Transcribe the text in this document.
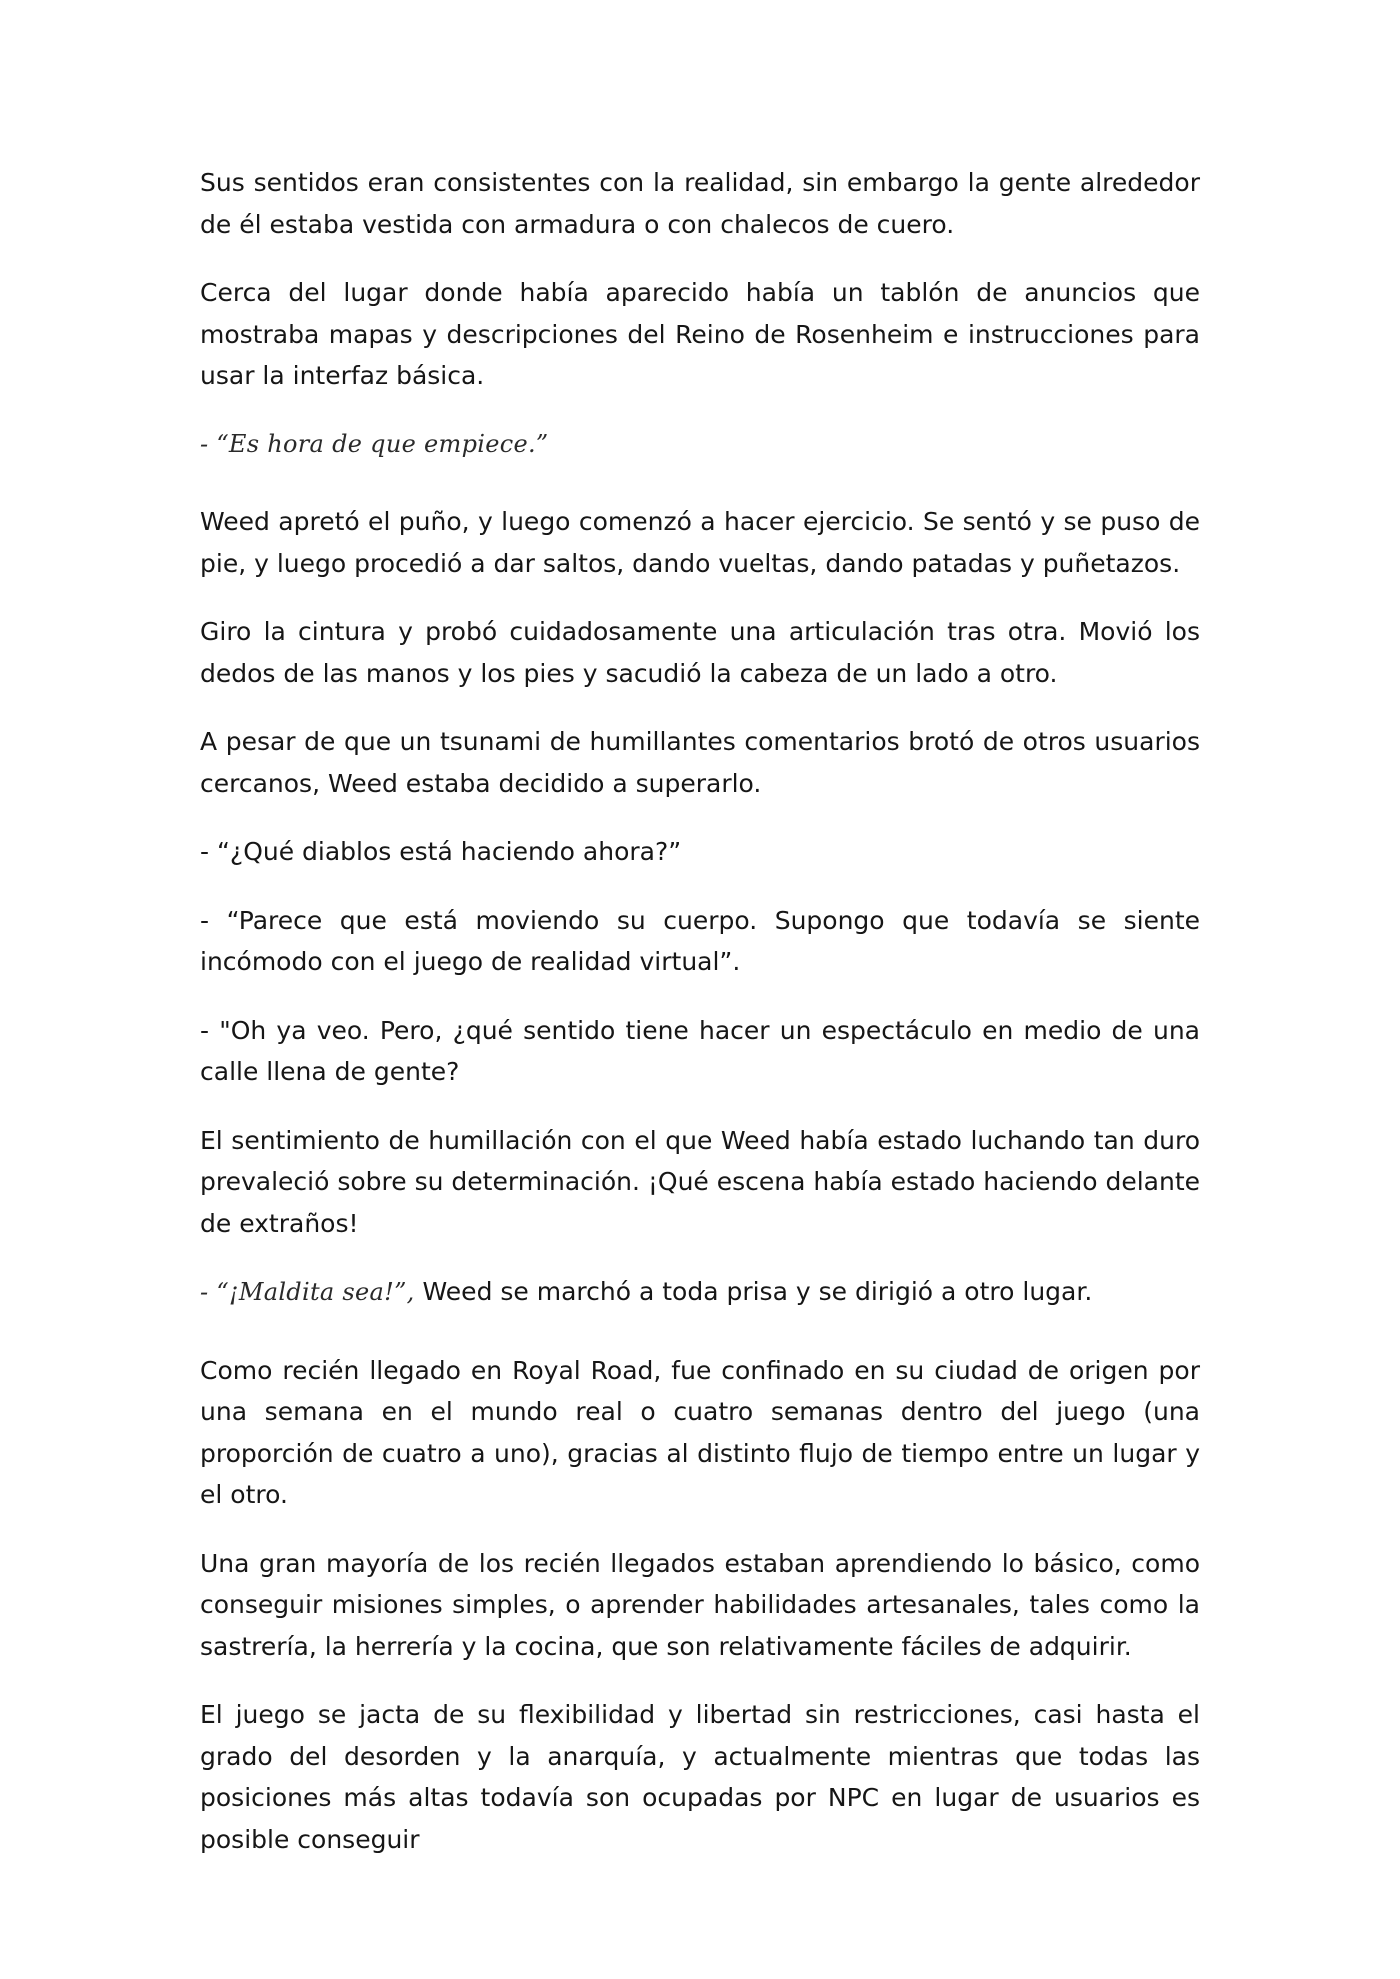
Sus sentidos eran consistentes con la realidad, sin embargo la gente alrededor de él estaba vestida con armadura o con chalecos de cuero.

Cerca del lugar donde había aparecido había un tablón de anuncios que mostraba mapas y descripciones del Reino de Rosenheim e instrucciones para usar la interfaz básica.

- “Es hora de que empiece.”

Weed apretó el puño, y luego comenzó a hacer ejercicio. Se sentó y se puso de pie, y luego procedió a dar saltos, dando vueltas, dando patadas y puñetazos.

Giro la cintura y probó cuidadosamente una articulación tras otra. Movió los dedos de las manos y los pies y sacudió la cabeza de un lado a otro.

A pesar de que un tsunami de humillantes comentarios brotó de otros usuarios cercanos, Weed estaba decidido a superarlo.

- “¿Qué diablos está haciendo ahora?”

- “Parece que está moviendo su cuerpo. Supongo que todavía se siente incómodo con el juego de realidad virtual”.

- "Oh ya veo. Pero, ¿qué sentido tiene hacer un espectáculo en medio de una calle llena de gente?

El sentimiento de humillación con el que Weed había estado luchando tan duro prevaleció sobre su determinación. ¡Qué escena había estado haciendo delante de extraños!

- “¡Maldita sea!”, Weed se marchó a toda prisa y se dirigió a otro lugar.

Como recién llegado en Royal Road, fue confinado en su ciudad de origen por una semana en el mundo real o cuatro semanas dentro del juego (una proporción de cuatro a uno), gracias al distinto flujo de tiempo entre un lugar y el otro.

Una gran mayoría de los recién llegados estaban aprendiendo lo básico, como conseguir misiones simples, o aprender habilidades artesanales, tales como la sastrería, la herrería y la cocina, que son relativamente fáciles de adquirir.

El juego se jacta de su flexibilidad y libertad sin restricciones, casi hasta el grado del desorden y la anarquía, y actualmente mientras que todas las posiciones más altas todavía son ocupadas por NPC en lugar de usuarios es posible conseguir
